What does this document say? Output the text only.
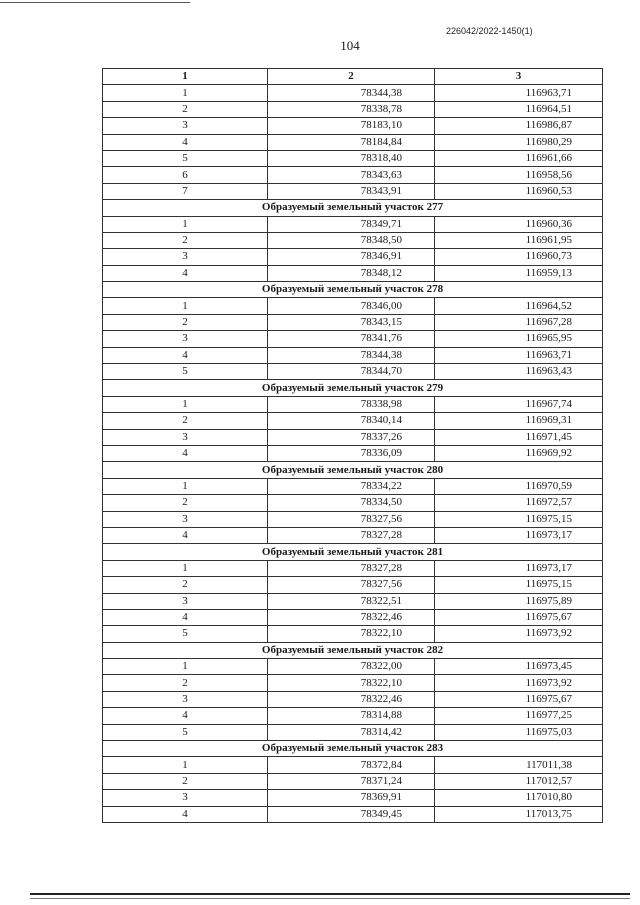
226042/2022-1450(1)
104
1	2	3
1	78344,38	116963,71
2	78338,78	116964,51
3	78183,10	116986,87
4	78184,84	116980,29
5	78318,40	116961,66
6	78343,63	116958,56
7	78343,91	116960,53
Образуемый земельный участок 277		
1	78349,71	116960,36
2	78348,50	116961,95
3	78346,91	116960,73
4	78348,12	116959,13
Образуемый земельный участок 278		
1	78346,00	116964,52
2	78343,15	116967,28
3	78341,76	116965,95
4	78344,38	116963,71
5	78344,70	116963,43
Образуемый земельный участок 279		
1	78338,98	116967,74
2	78340,14	116969,31
3	78337,26	116971,45
4	78336,09	116969,92
Образуемый земельный участок 280		
1	78334,22	116970,59
2	78334,50	116972,57
3	78327,56	116975,15
4	78327,28	116973,17
Образуемый земельный участок 281		
1	78327,28	116973,17
2	78327,56	116975,15
3	78322,51	116975,89
4	78322,46	116975,67
5	78322,10	116973,92
Образуемый земельный участок 282		
1	78322,00	116973,45
2	78322,10	116973,92
3	78322,46	116975,67
4	78314,88	116977,25
5	78314,42	116975,03
Образуемый земельный участок 283		
1	78372,84	117011,38
2	78371,24	117012,57
3	78369,91	117010,80
4	78349,45	117013,75
